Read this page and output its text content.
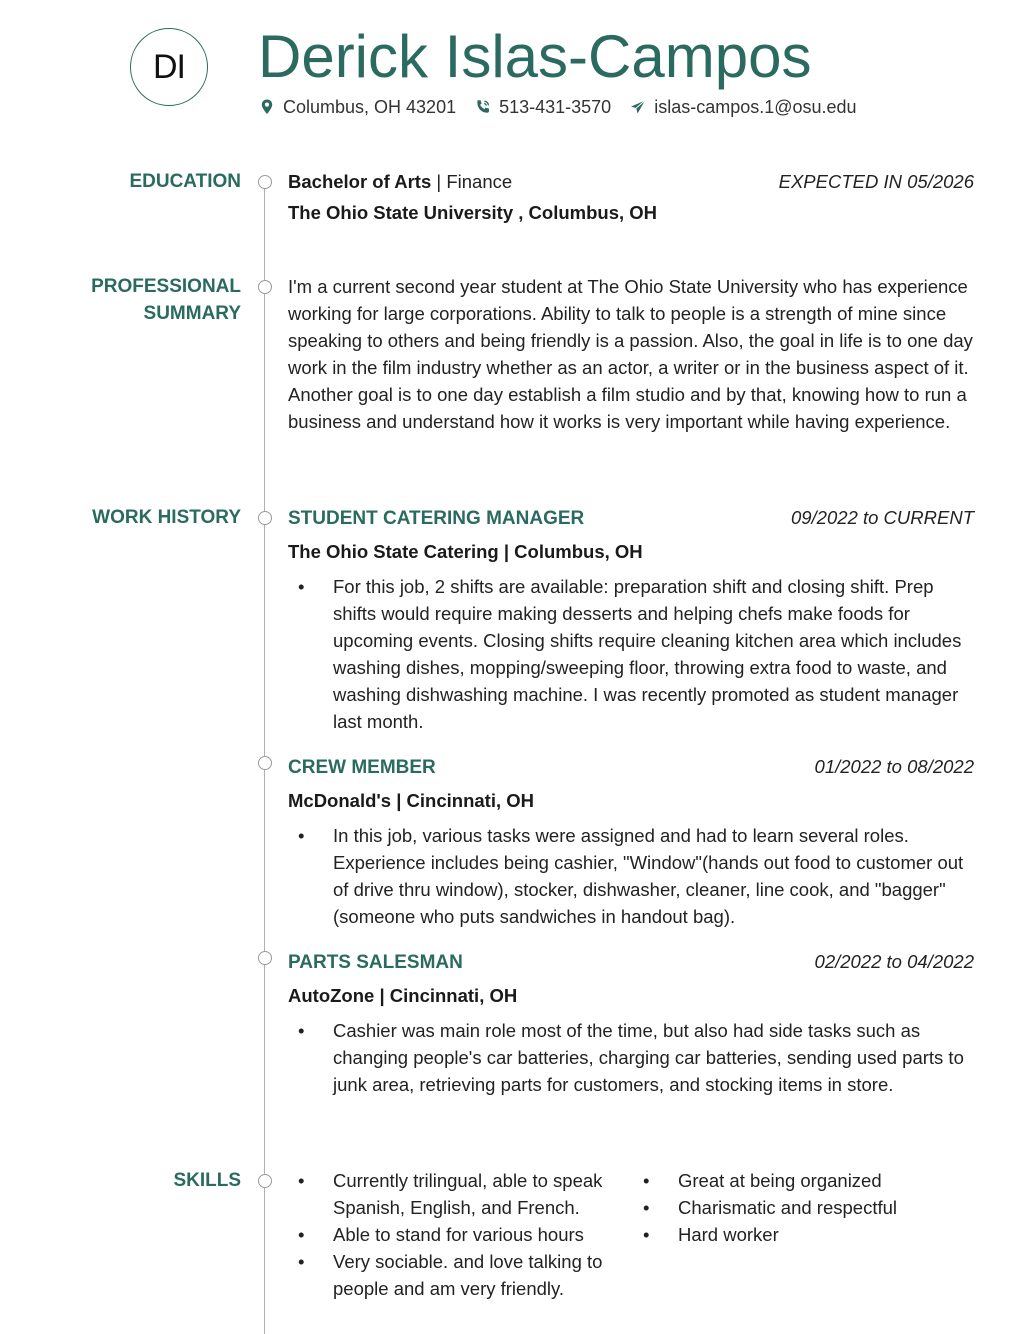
DI Derick Islas-Campos
Columbus, OH 43201 513-431-3570 islas-campos.1@osu.edu
EDUCATION
PROFESSIONAL
SUMMARY
WORK HISTORY
SKILLS
Bachelor of Arts | Finance	EXPECTED IN 05/2026
The Ohio State University , Columbus, OH
I'm a current second year student at The Ohio State University who has experience working for large corporations. Ability to talk to people is a strength of mine since speaking to others and being friendly is a passion. Also, the goal in life is to one day work in the film industry whether as an actor, a writer or in the business aspect of it. Another goal is to one day establish a film studio and by that, knowing how to run a business and understand how it works is very important while having experience.
STUDENT CATERING MANAGER	09/2022 to CURRENT
The Ohio State Catering | Columbus, OH
• For this job, 2 shifts are available: preparation shift and closing shift. Prep shifts would require making desserts and helping chefs make foods for upcoming events. Closing shifts require cleaning kitchen area which includes washing dishes, mopping/sweeping floor, throwing extra food to waste, and washing dishwashing machine. I was recently promoted as student manager last month.
CREW MEMBER	01/2022 to 08/2022
McDonald's | Cincinnati, OH
• In this job, various tasks were assigned and had to learn several roles. Experience includes being cashier, "Window"(hands out food to customer out of drive thru window), stocker, dishwasher, cleaner, line cook, and "bagger" (someone who puts sandwiches in handout bag).
PARTS SALESMAN	02/2022 to 04/2022
AutoZone | Cincinnati, OH
• Cashier was main role most of the time, but also had side tasks such as changing people's car batteries, charging car batteries, sending used parts to junk area, retrieving parts for customers, and stocking items in store.
• Currently trilingual, able to speak Spanish, English, and French.
• Able to stand for various hours
• Very sociable. and love talking to people and am very friendly.
• Great at being organized
• Charismatic and respectful
• Hard worker
